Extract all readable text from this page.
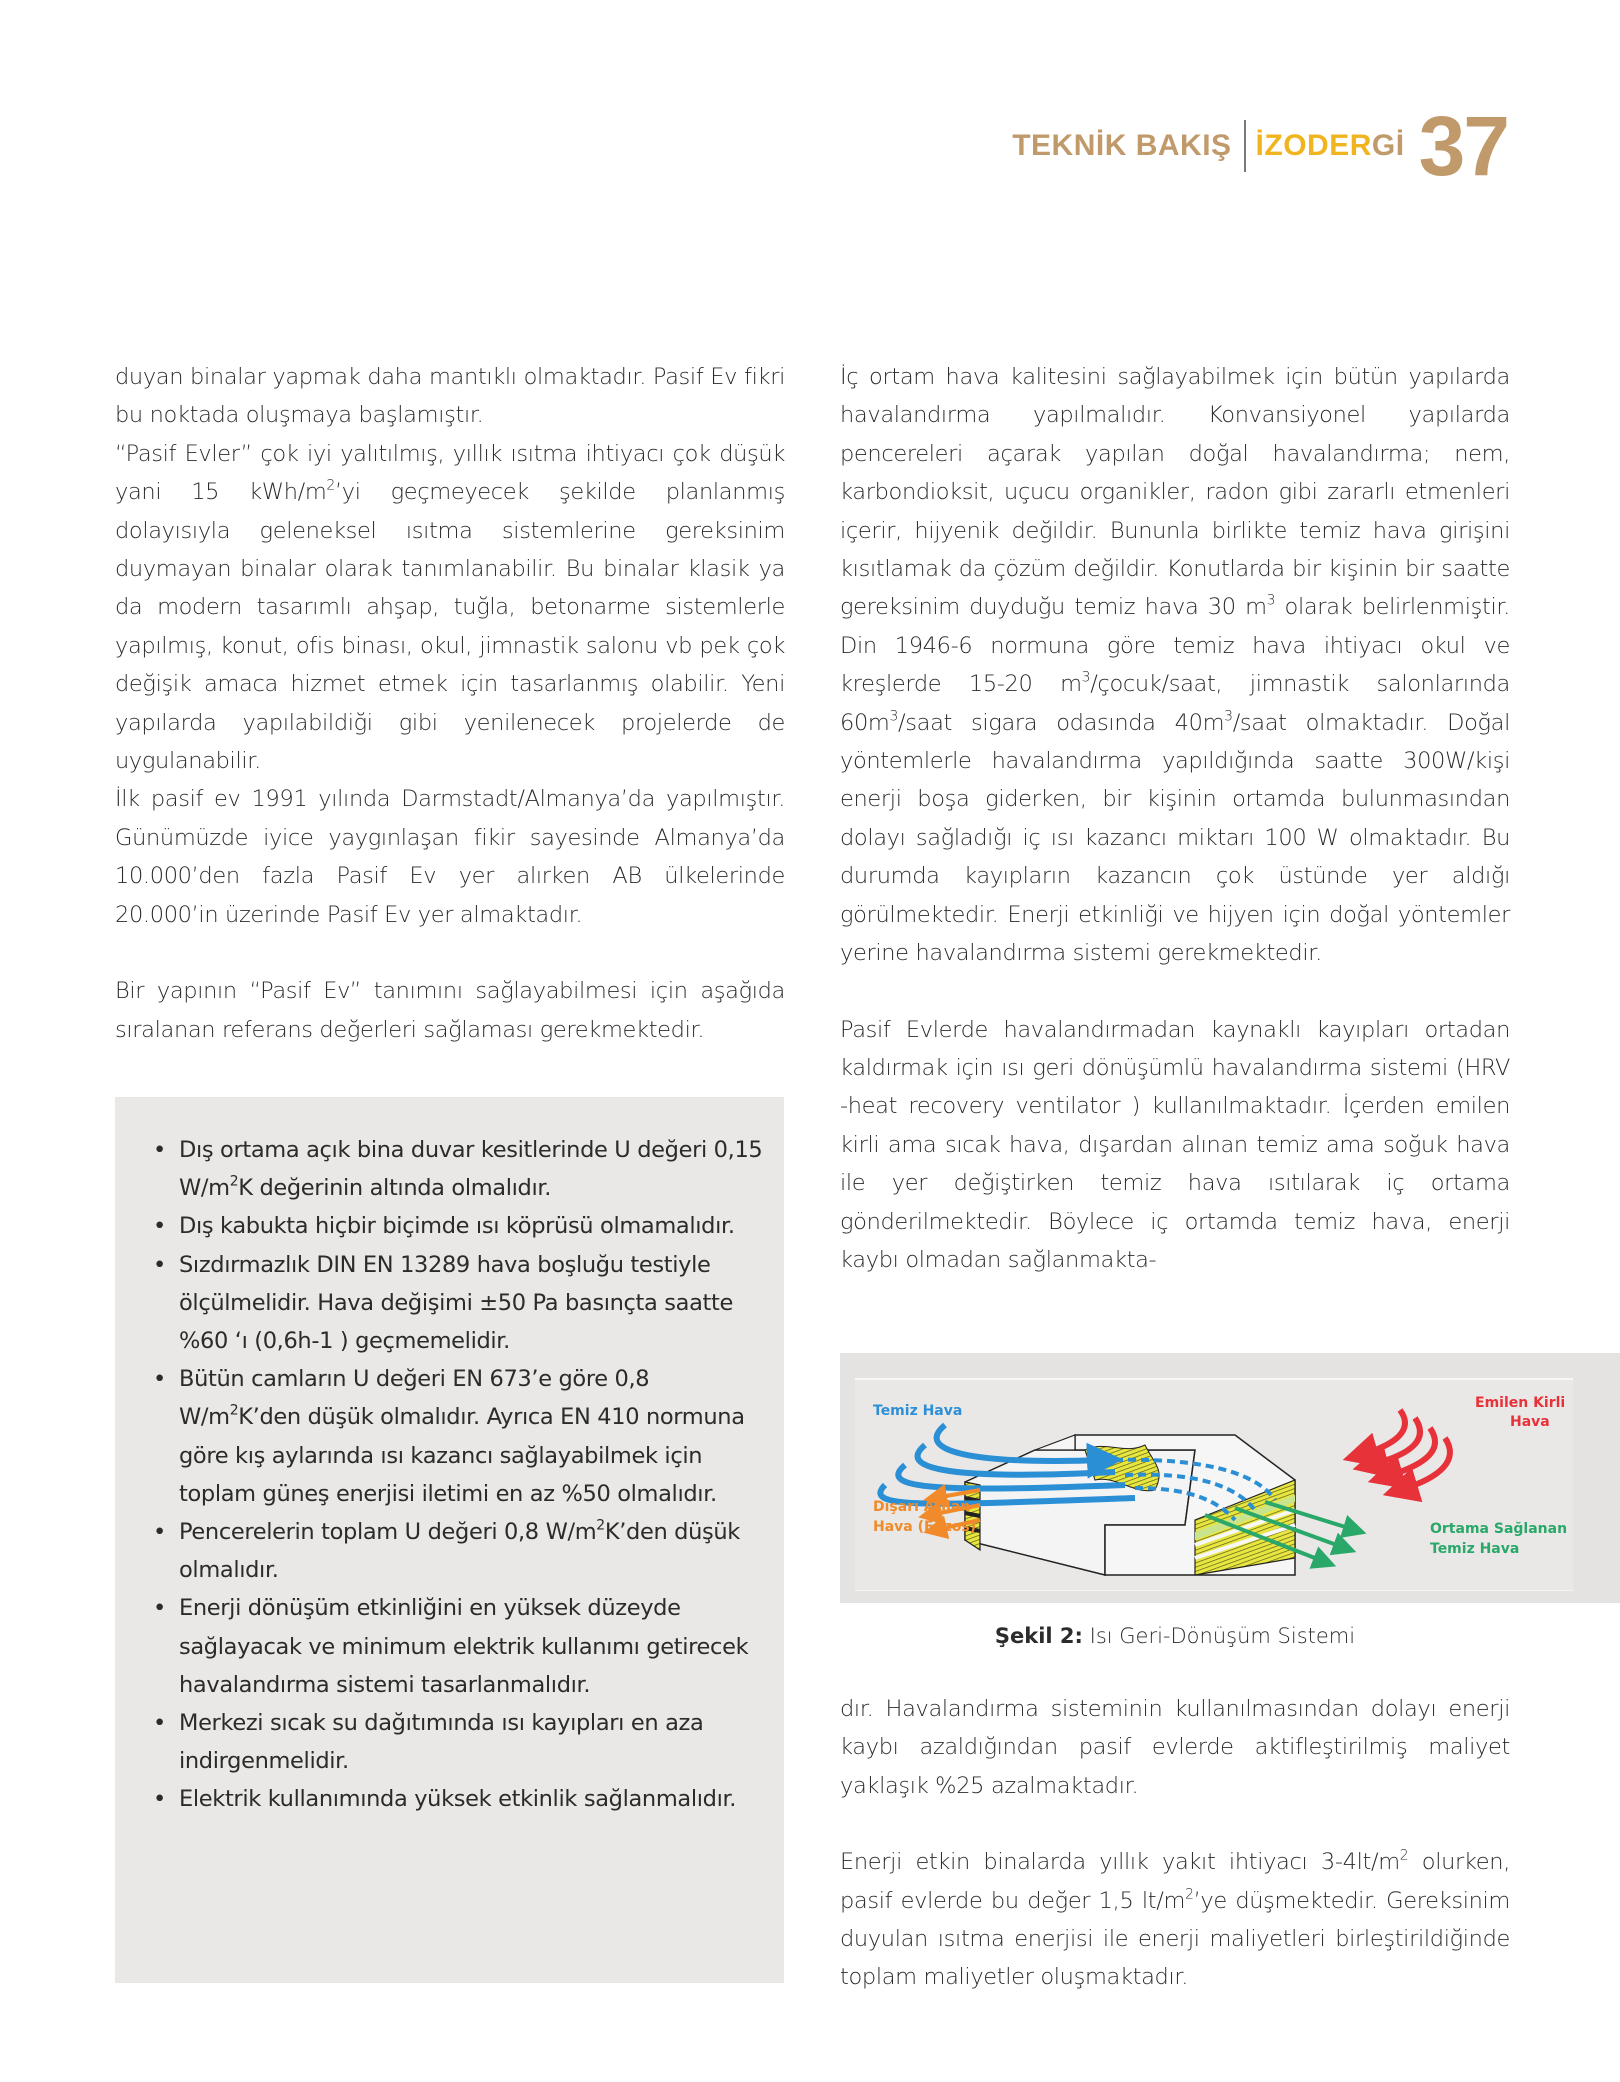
TEKNİK BAKIŞ İZODERGİ 37

duyan binalar yapmak daha mantıklı olmaktadır. Pasif Ev fikri bu noktada oluşmaya başlamıştır.

“Pasif Evler” çok iyi yalıtılmış, yıllık ısıtma ihtiyacı çok düşük yani 15 kWh/$m^2’yi$ geçmeyecek şekilde planlanmış dolayısıyla geleneksel ısıtma sistemlerine gereksinim duymayan binalar olarak tanımlanabilir. Bu binalar klasik ya da modern tasarımlı ahşap, tuğla, betonarme sistemlerle yapılmış, konut, ofis binası, okul, jimnastik salonu vb pek çok değişik amaca hizmet etmek için tasarlanmış olabilir. Yeni yapılarda yapılabildiği gibi yenilenecek projelerde de uygulanabilir.

İlk pasif ev 1991 yılında Darmstadt/Almanya’da yapılmıştır. Günümüzde iyice yaygınlaşan fikir sayesinde Almanya’da 10.000’den fazla Pasif Ev yer alırken AB ülkelerinde 20.000’in üzerinde Pasif Ev yer almaktadır.

Bir yapının “Pasif Ev” tanımını sağlayabilmesi için aşağıda sıralanan referans değerleri sağlaması gerekmektedir.

• Dış ortama açık bina duvar kesitlerinde U değeri 0,15 $W/m^2K$ değerinin altında olmalıdır.
• Dış kabukta hiçbir biçimde ısı köprüsü olmamalıdır.
• Sızdırmazlık DIN EN 13289 hava boşluğu testiyle ölçülmelidir. Hava değişimi ±50 Pa basınçta saatte %60 ‘ı (0,6h-1 ) geçmemelidir.
• Bütün camların U değeri EN 673’e göre 0,8 $W/m^2K’den$ düşük olmalıdır. Ayrıca EN 410 normuna göre kış aylarında ısı kazancı sağlayabilmek için toplam güneş enerjisi iletimi en az %50 olmalıdır.
• Pencerelerin toplam U değeri 0,8 $W/m^2K’den$ düşük olmalıdır.
• Enerji dönüşüm etkinliğini en yüksek düzeyde sağlayacak ve minimum elektrik kullanımı getirecek havalandırma sistemi tasarlanmalıdır.
• Merkezi sıcak su dağıtımında ısı kayıpları en aza indirgenmelidir.
• Elektrik kullanımında yüksek etkinlik sağlanmalıdır.

İç ortam hava kalitesini sağlayabilmek için bütün yapılarda havalandırma yapılmalıdır. Konvansiyonel yapılarda pencereleri açarak yapılan doğal havalandırma; nem, karbondioksit, uçucu organikler, radon gibi zararlı etmenleri içerir, hijyenik değildir. Bununla birlikte temiz hava girişini kısıtlamak da çözüm değildir. Konutlarda bir kişinin bir saatte gereksinim duyduğu temiz hava 30 $m^3$ olarak belirlenmiştir. Din 1946-6 normuna göre temiz hava ihtiyacı okul ve kreşlerde 15-20 $m^3/çocuk$/saat, jimnastik salonlarında $60m^3$/saat sigara odasında $40m^3$/saat olmaktadır. Doğal yöntemlerle havalandırma yapıldığında saatte 300W/kişi enerji boşa giderken, bir kişinin ortamda bulunmasından dolayı sağladığı iç ısı kazancı miktarı 100 W olmaktadır. Bu durumda kayıpların kazancın çok üstünde yer aldığı görülmektedir. Enerji etkinliği ve hijyen için doğal yöntemler yerine havalandırma sistemi gerekmektedir.

Pasif Evlerde havalandırmadan kaynaklı kayıpları ortadan kaldırmak için ısı geri dönüşümlü havalandırma sistemi (HRV -heat recovery ventilator ) kullanılmaktadır. İçerden emilen kirli ama sıcak hava, dışardan alınan temiz ama soğuk hava ile yer değiştirken temiz hava ısıtılarak iç ortama gönderilmektedir. Böylece iç ortamda temiz hava, enerji kaybı olmadan sağlanmakta-

Temiz Hava	Emilen Kirli
Hava
Dışarı Atılan
Hava (Egzos)	Ortama Sağlanan
Temiz Hava
Şekil 2: Isı Geri-Dönüşüm Sistemi

dır. Havalandırma sisteminin kullanılmasından dolayı enerji kaybı azaldığından pasif evlerde aktifleştirilmiş maliyet yaklaşık %25 azalmaktadır.

Enerji etkin binalarda yıllık yakıt ihtiyacı $3-4lt/m^2$ olurken, pasif evlerde bu değer 1,5 $lt/m^2’ye$ düşmektedir. Gereksinim duyulan ısıtma enerjisi ile enerji maliyetleri birleştirildiğinde toplam maliyetler oluşmaktadır.
